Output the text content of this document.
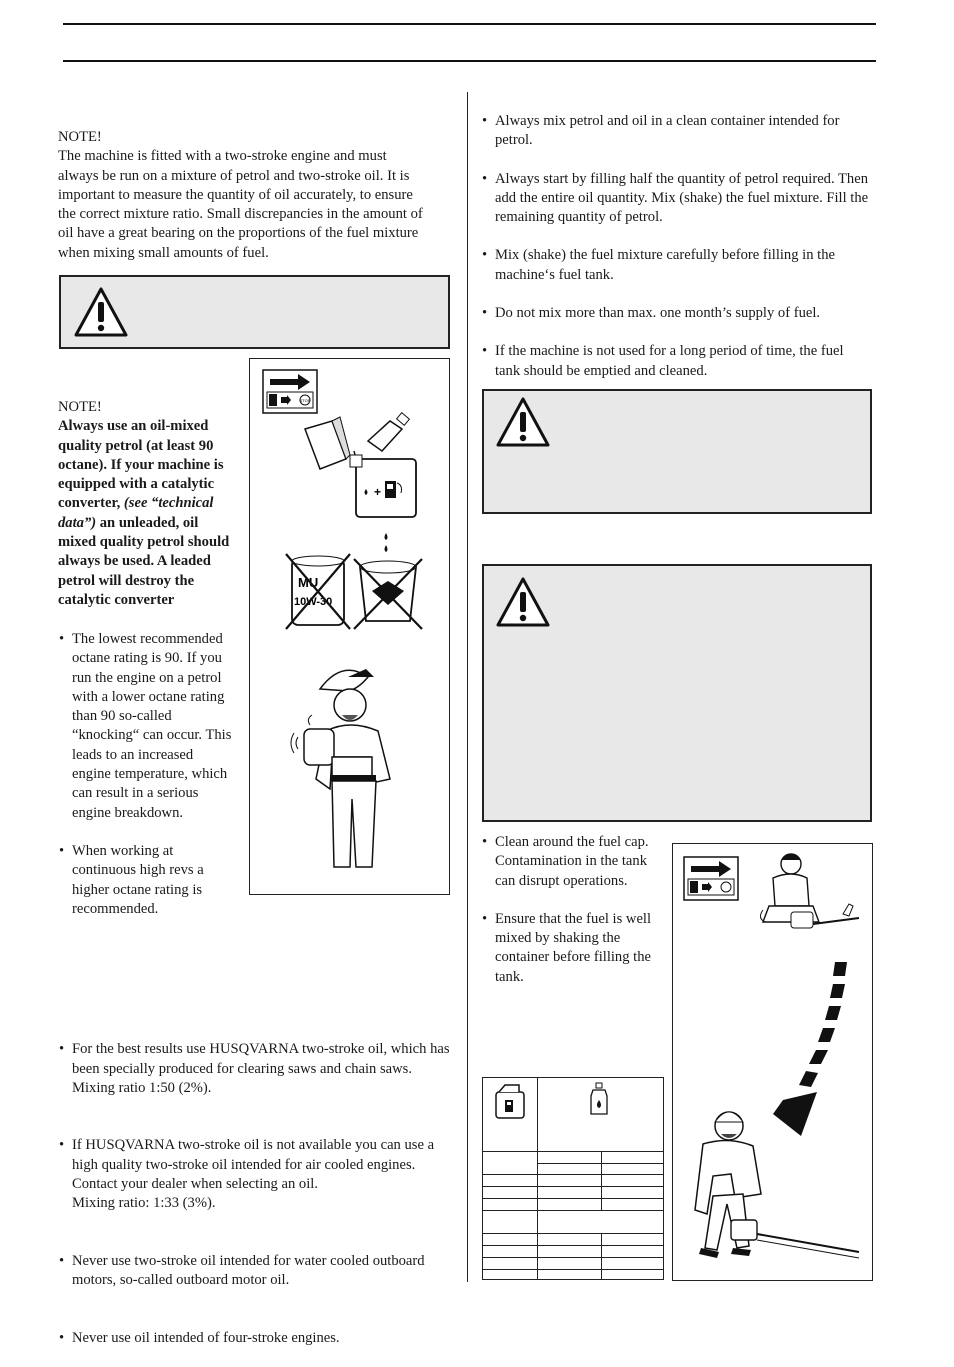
NOTE!

The machine is fitted with a two-stroke engine and must

always be run on a mixture of petrol and two-stroke oil. It is

important to measure the quantity of oil accurately, to ensure

the correct mixture ratio. Small discrepancies in the amount of

oil have a great bearing on the proportions of the fuel mixture

when mixing small amounts of fuel.

STOP
+
MU
10W-30

NOTE!

Always use an oil-mixed quality petrol (at least 90 octane). If your machine is equipped with a catalytic converter, (see “technical data”) an unleaded, oil mixed quality petrol should always be used. A leaded petrol will destroy the catalytic converter

• The lowest recommended octane rating is 90. If you run the engine on a petrol with a lower octane rating than 90 so-called “knocking“ can occur. This leads to an increased engine temperature, which can result in a serious engine breakdown.
• When working at continuous high revs a higher octane rating is recommended.

• For the best results use HUSQVARNA two-stroke oil, which has been specially produced for clearing saws and chain saws.
Mixing ratio 1:50 (2%).

• If HUSQVARNA two-stroke oil is not available you can use a high quality two-stroke oil intended for air cooled engines. Contact your dealer when selecting an oil.
Mixing ratio: 1:33 (3%).

• Never use two-stroke oil intended for water cooled outboard motors, so-called outboard motor oil.

• Never use oil intended of four-stroke engines.

• Always mix petrol and oil in a clean container intended for petrol.
• Always start by filling half the quantity of petrol required. Then add the entire oil quantity. Mix (shake) the fuel mixture. Fill the remaining quantity of petrol.
• Mix (shake) the fuel mixture carefully before filling in the machine‘s fuel tank.
• Do not mix more than max. one month’s supply of fuel.
• If the machine is not used for a long period of time, the fuel tank should be emptied and cleaned.
• Clean around the fuel cap. Contamination in the tank can disrupt operations.
• Ensure that the fuel is well mixed by shaking the container before filling the tank.
